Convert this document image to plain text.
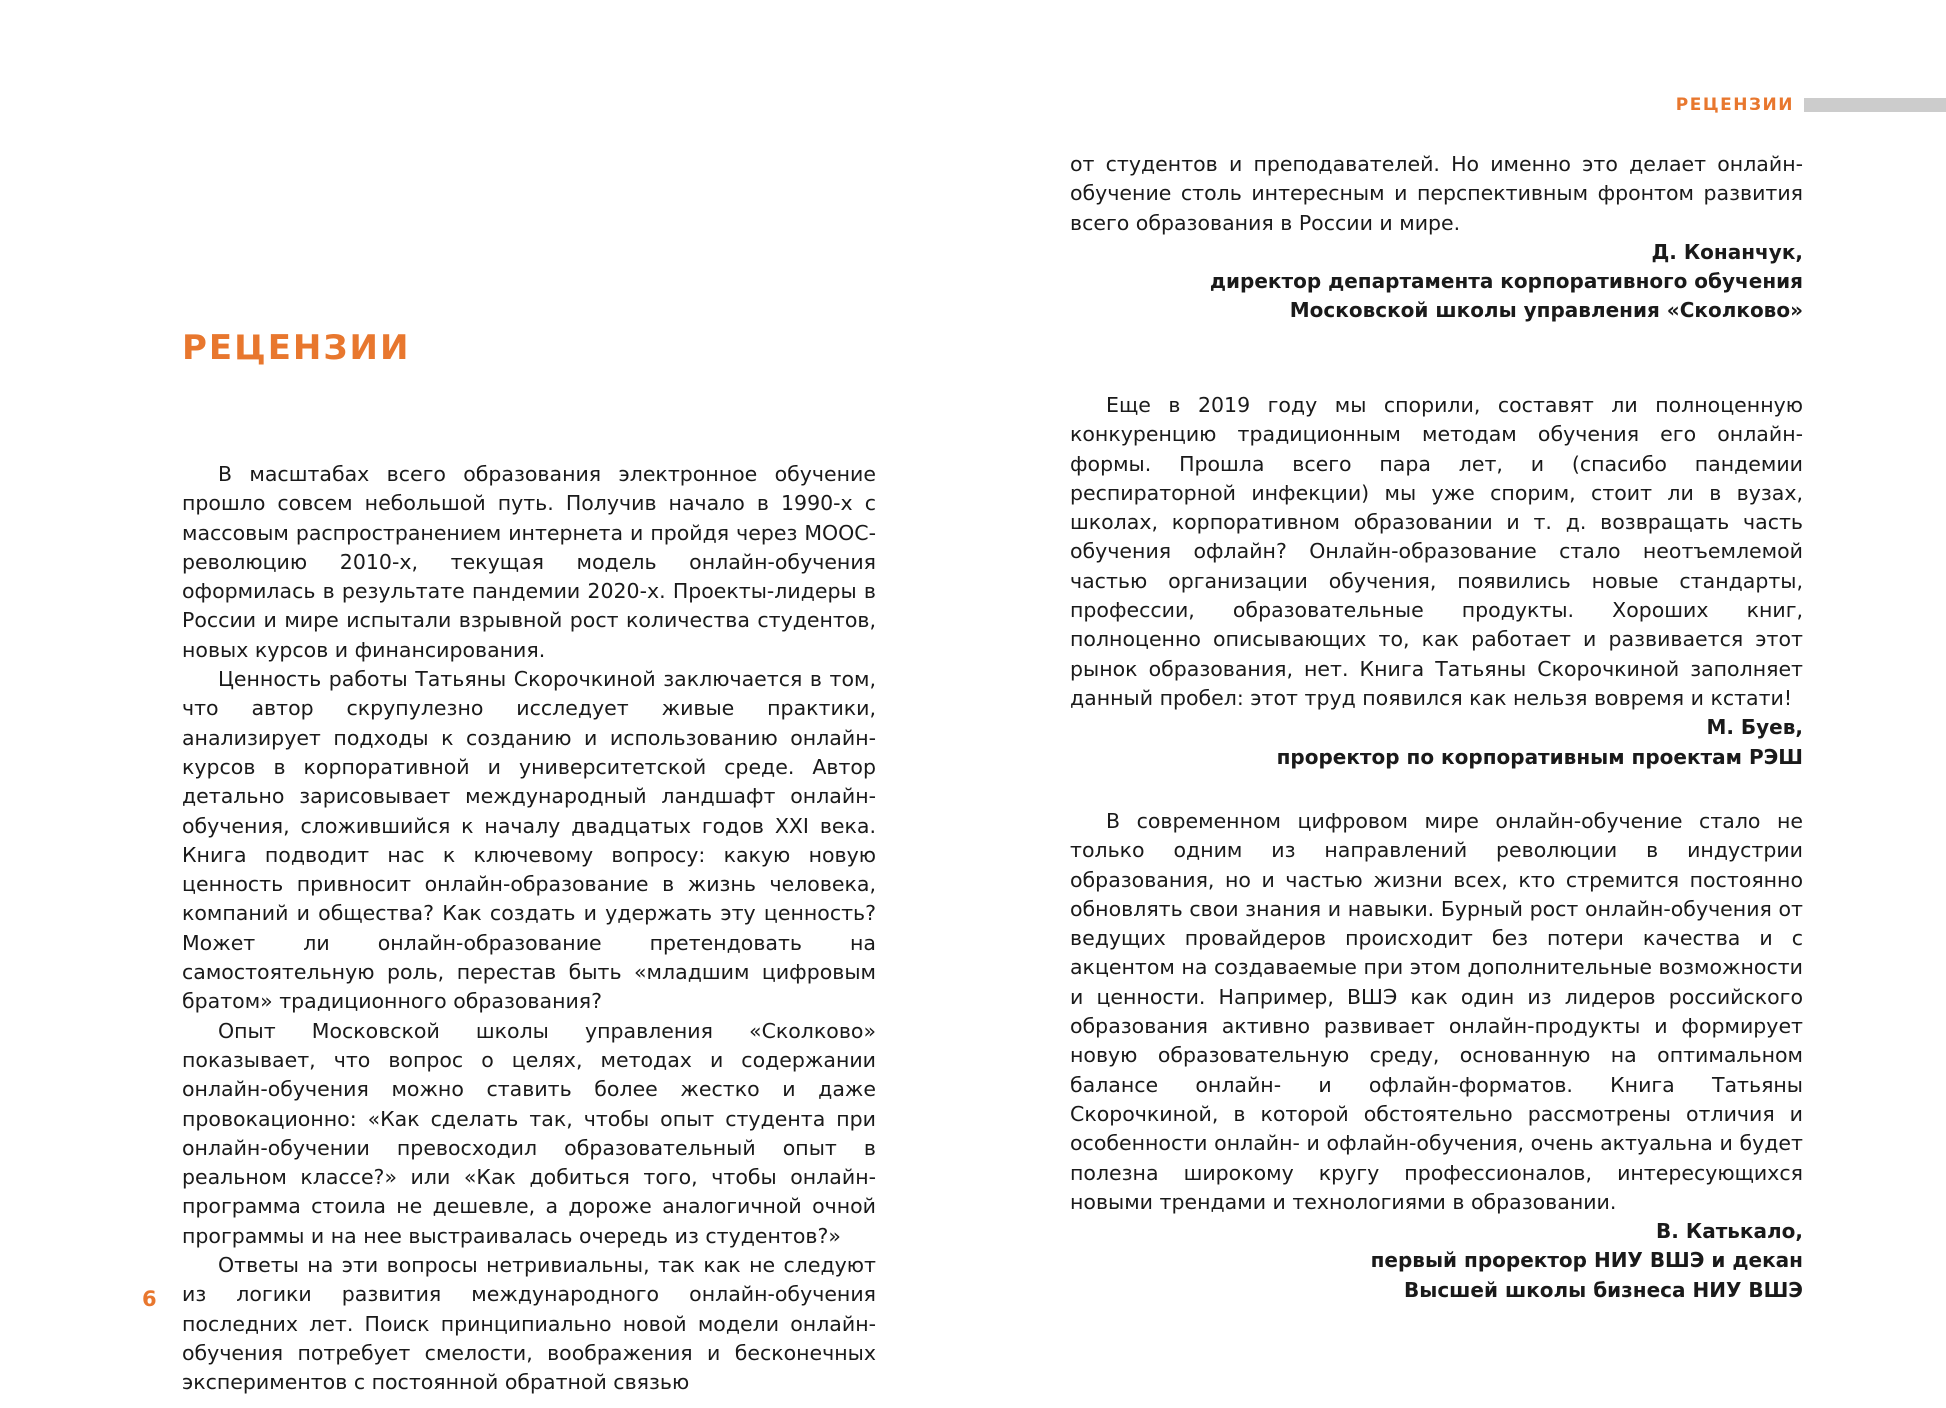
РЕЦЕНЗИИ

В масштабах всего образования электронное обучение прошло совсем небольшой путь. Получив начало в 1990-х с массовым распространением интернета и пройдя через MOOC-революцию 2010-х, текущая модель онлайн-обучения оформилась в результате пандемии 2020-х. Проекты-лидеры в России и мире испытали взрывной рост количества студентов, новых курсов и финансирования.

Ценность работы Татьяны Скорочкиной заключается в том, что автор скрупулезно исследует живые практики, анализирует подходы к созданию и использованию онлайн-курсов в корпоративной и университетской среде. Автор детально зарисовывает международный ландшафт онлайн-обучения, сложившийся к началу двадцатых годов XXI века. Книга подводит нас к ключевому вопросу: какую новую ценность привносит онлайн-образование в жизнь человека, компаний и общества? Как создать и удержать эту ценность? Может ли онлайн-образование претендовать на самостоятельную роль, перестав быть «младшим цифровым братом» традиционного образования?

Опыт Московской школы управления «Сколково» показывает, что вопрос о целях, методах и содержании онлайн-обучения можно ставить более жестко и даже провокационно: «Как сделать так, чтобы опыт студента при онлайн-обучении превосходил образовательный опыт в реальном классе?» или «Как добиться того, чтобы онлайн-программа стоила не дешевле, а дороже аналогичной очной программы и на нее выстраивалась очередь из студентов?»

Ответы на эти вопросы нетривиальны, так как не следуют из логики развития международного онлайн-обучения последних лет. Поиск принципиально новой модели онлайн-обучения потребует смелости, воображения и бесконечных экспериментов с постоянной обратной связью

6
РЕЦЕНЗИИ

от студентов и преподавателей. Но именно это делает онлайн-обучение столь интересным и перспективным фронтом развития всего образования в России и мире.

Д. Конанчук,
директор департамента корпоративного обучения
Московской школы управления «Сколково»

Еще в 2019 году мы спорили, составят ли полноценную конкуренцию традиционным методам обучения его онлайн-формы. Прошла всего пара лет, и (спасибо пандемии респираторной инфекции) мы уже спорим, стоит ли в вузах, школах, корпоративном образовании и т. д. возвращать часть обучения офлайн? Онлайн-образование стало неотъемлемой частью организации обучения, появились новые стандарты, профессии, образовательные продукты. Хороших книг, полноценно описывающих то, как работает и развивается этот рынок образования, нет. Книга Татьяны Скорочкиной заполняет данный пробел: этот труд появился как нельзя вовремя и кстати!

М. Буев,
проректор по корпоративным проектам РЭШ

В современном цифровом мире онлайн-обучение стало не только одним из направлений революции в индустрии образования, но и частью жизни всех, кто стремится постоянно обновлять свои знания и навыки. Бурный рост онлайн-обучения от ведущих провайдеров происходит без потери качества и с акцентом на создаваемые при этом дополнительные возможности и ценности. Например, ВШЭ как один из лидеров российского образования активно развивает онлайн-продукты и формирует новую образовательную среду, основанную на оптимальном балансе онлайн- и офлайн-форматов. Книга Татьяны Скорочкиной, в которой обстоятельно рассмотрены отличия и особенности онлайн- и офлайн-обучения, очень актуальна и будет полезна широкому кругу профессионалов, интересующихся новыми трендами и технологиями в образовании.

В. Катькало,
первый проректор НИУ ВШЭ и декан
Высшей школы бизнеса НИУ ВШЭ
